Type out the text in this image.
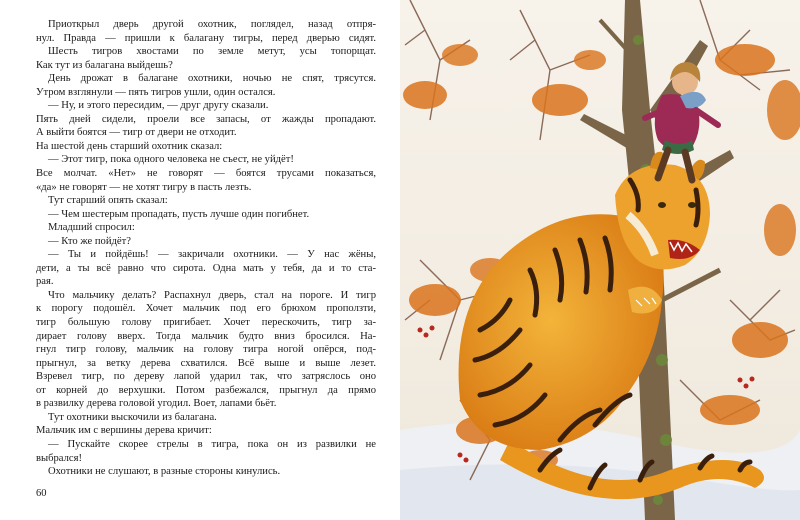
Приоткрыл дверь другой охотник, поглядел, назад отпря-
нул. Правда — пришли к балагану тигры, перед дверью сидят.
Шесть тигров хвостами по земле метут, усы топорщат.
Как тут из балагана выйдешь?
День дрожат в балагане охотники, ночью не спят, трясутся.
Утром взглянули — пять тигров ушли, один остался.
— Ну, и этого пересидим, — друг другу сказали.
Пять дней сидели, проели все запасы, от жажды пропадают.
А выйти боятся — тигр от двери не отходит.
На шестой день старший охотник сказал:
— Этот тигр, пока одного человека не съест, не уйдёт!
Все молчат. «Нет» не говорят — боятся трусами показаться,
«да» не говорят — не хотят тигру в пасть лезть.
Тут старший опять сказал:
— Чем шестерым пропадать, пусть лучше один погибнет.
Младший спросил:
— Кто же пойдёт?
— Ты и пойдёшь! — закричали охотники. — У нас жёны,
дети, а ты всё равно что сирота. Одна мать у тебя, да и то ста-
рая.
Что мальчику делать? Распахнул дверь, стал на пороге. И тигр
к порогу подошёл. Хочет мальчик под его брюхом проползти,
тигр большую голову пригибает. Хочет перескочить, тигр за-
дирает голову вверх. Тогда мальчик будто вниз бросился. На-
гнул тигр голову, мальчик на голову тигра ногой опёрся, под-
прыгнул, за ветку дерева схватился. Всё выше и выше лезет.
Взревел тигр, по дереву лапой ударил так, что затряслось оно
от корней до верхушки. Потом разбежался, прыгнул да прямо
в развилку дерева головой угодил. Воет, лапами бьёт.
Тут охотники выскочили из балагана.
Мальчик им с вершины дерева кричит:
— Пускайте скорее стрелы в тигра, пока он из развилки не
выбрался!
Охотники не слушают, в разные стороны кинулись.
60
